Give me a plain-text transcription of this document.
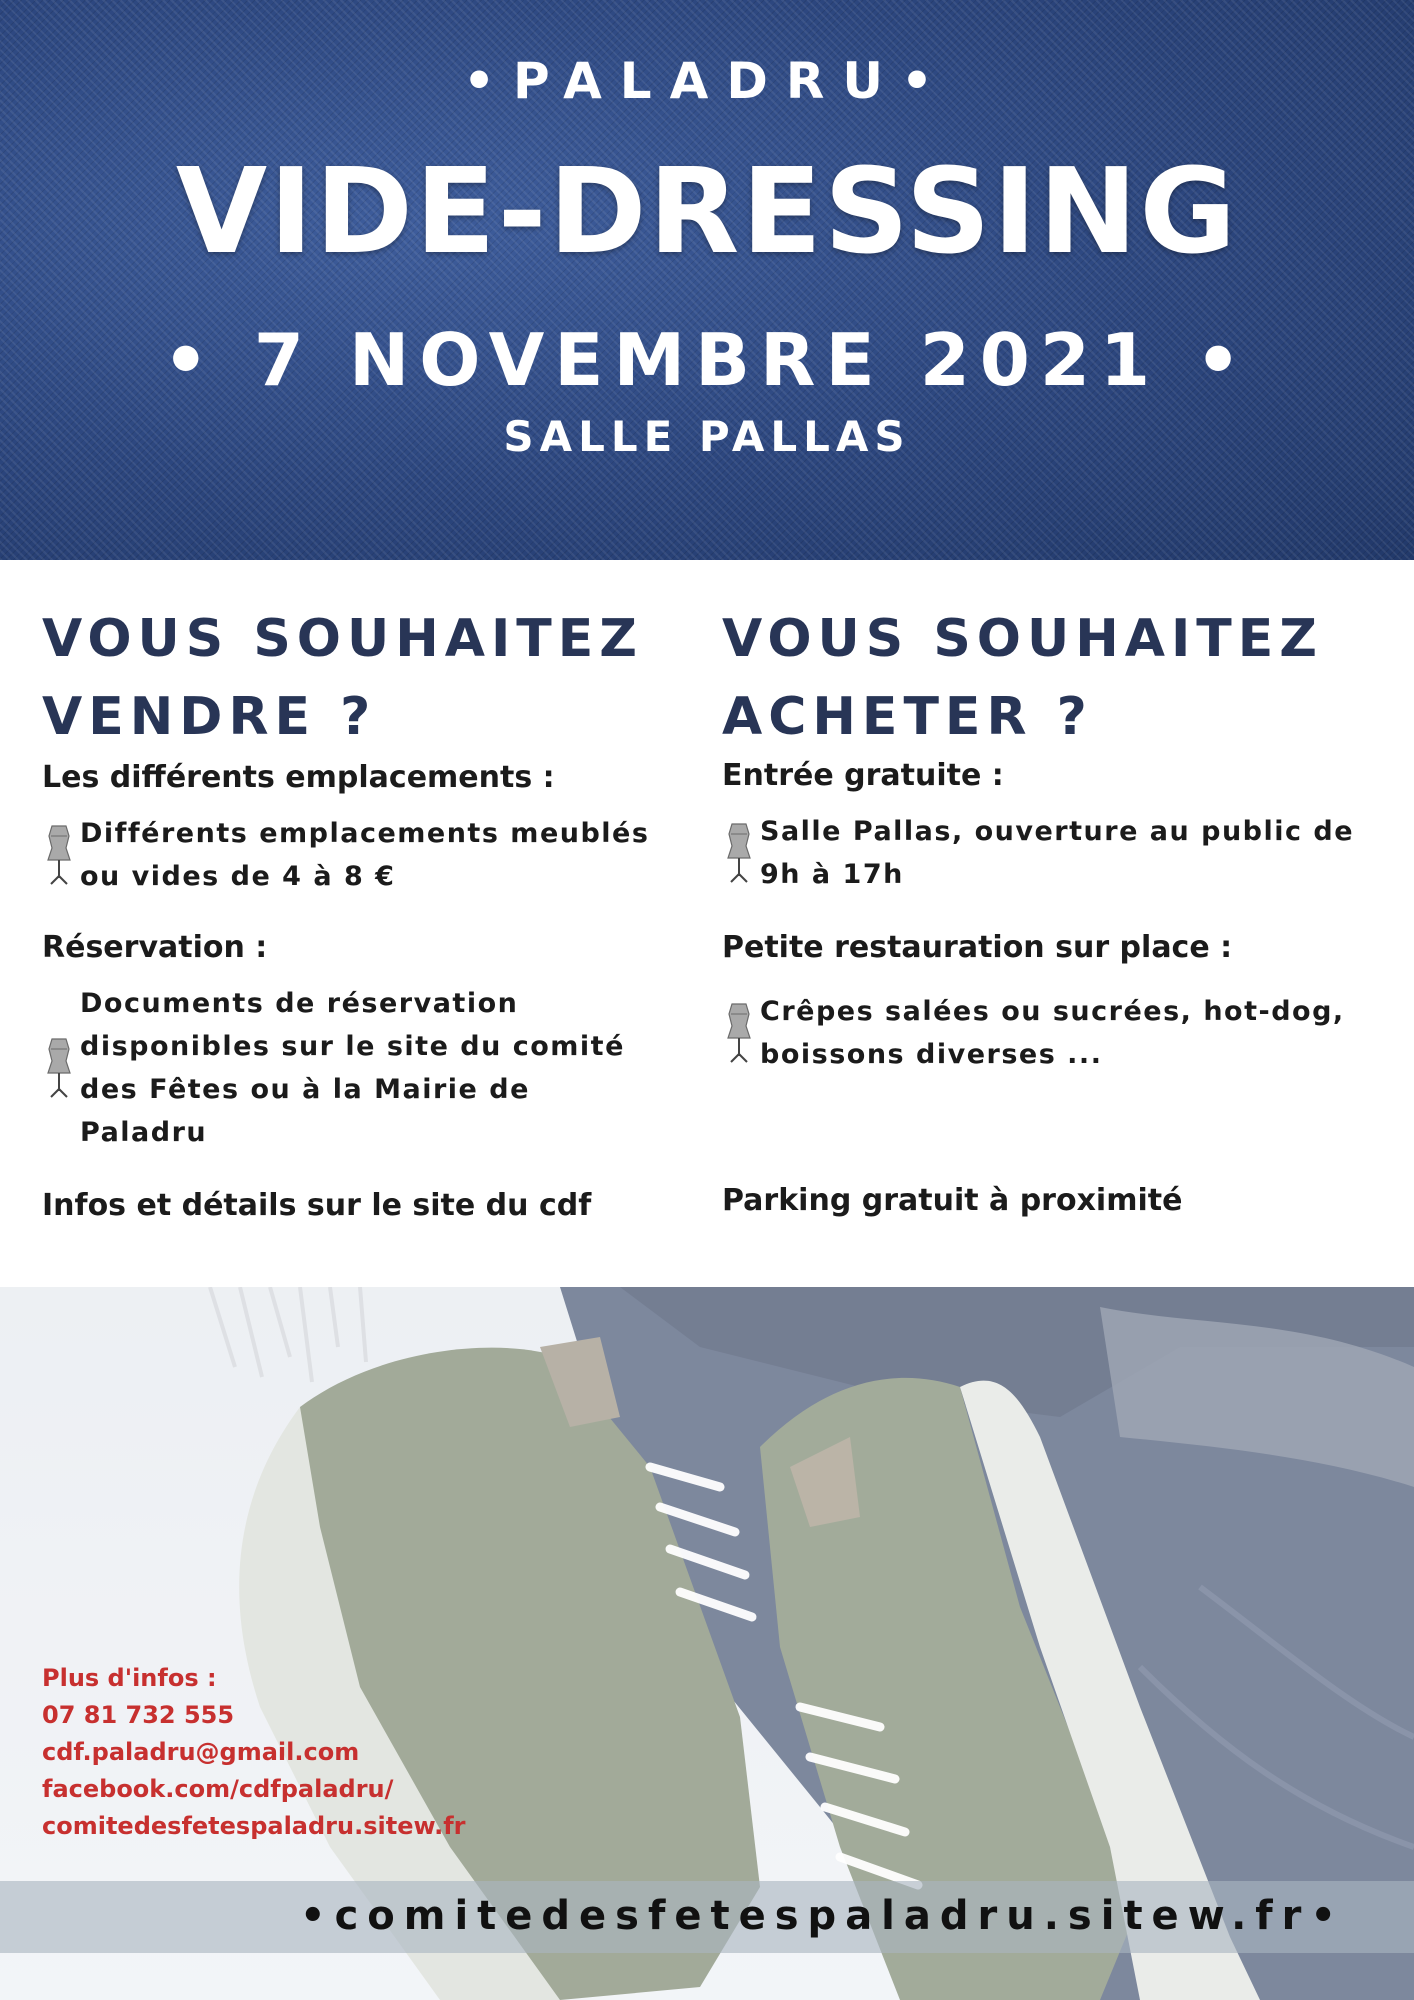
•PALADRU•
VIDE-DRESSING
• 7 NOVEMBRE 2021 •
SALLE PALLAS
VOUS SOUHAITEZ
VENDRE ?
Les différents emplacements :
Différents emplacements meublés
ou vides de 4 à 8 €
Réservation :
Documents de réservation
disponibles sur le site du comité
des Fêtes ou à la Mairie de
Paladru
Infos et détails sur le site du cdf
VOUS SOUHAITEZ
ACHETER ?
Entrée gratuite :
Salle Pallas, ouverture au public de
9h à 17h
Petite restauration sur place :
Crêpes salées ou sucrées, hot-dog,
boissons diverses ...
Parking gratuit à proximité
Plus d'infos :
07 81 732 555
cdf.paladru@gmail.com
facebook.com/cdfpaladru/
comitedesfetespaladru.sitew.fr
•comitedesfetespaladru.sitew.fr•
